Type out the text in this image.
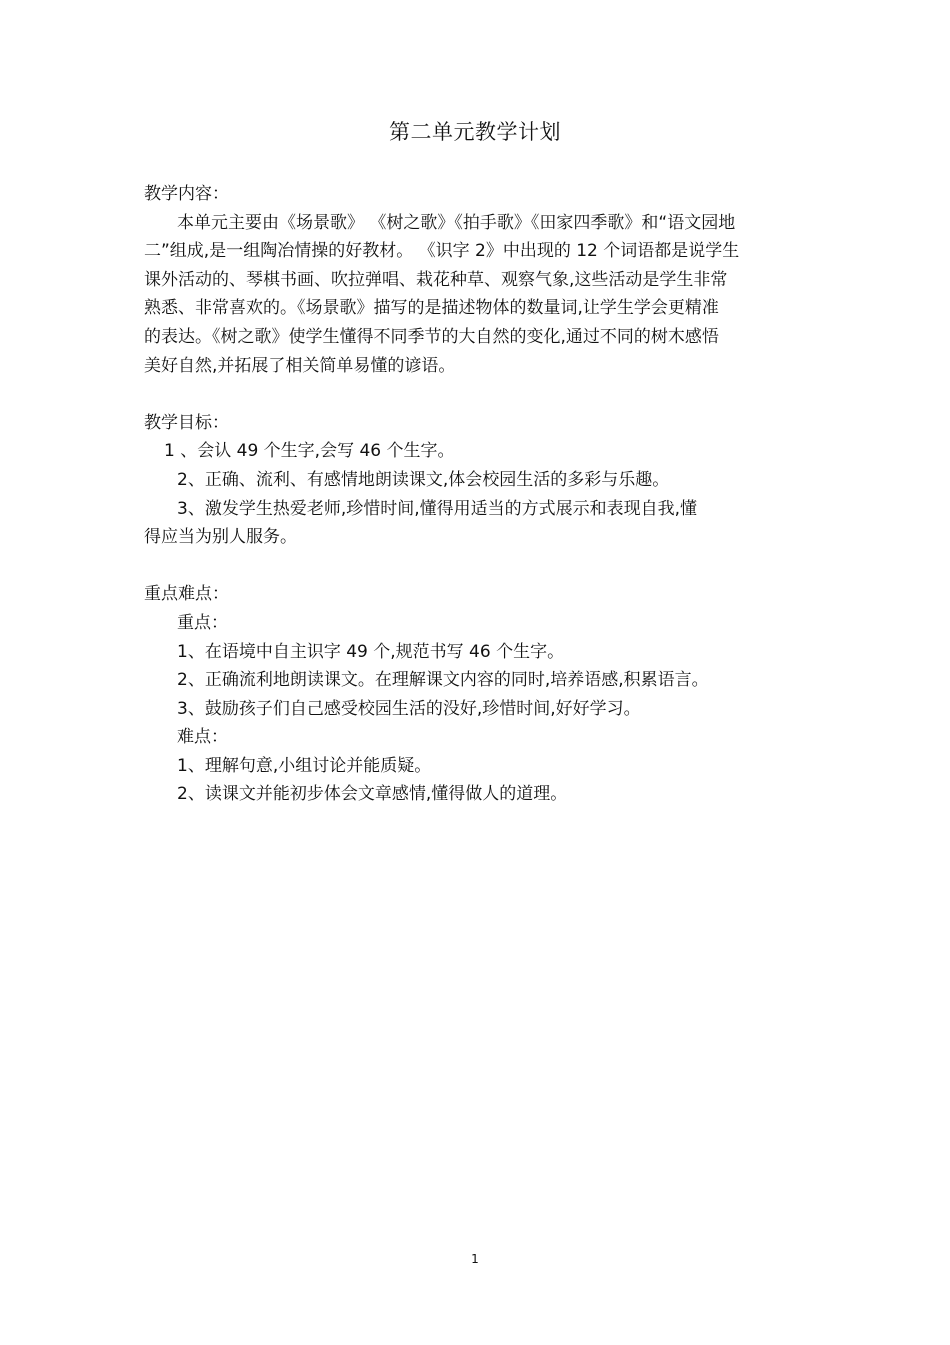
第二单元教学计划
教学内容：
本单元主要由《场景歌》 《树之歌》《拍手歌》《田家四季歌》和“语文园地
二”组成,是一组陶冶情操的好教材。 《识字 2》中出现的 12 个词语都是说学生
课外活动的、琴棋书画、吹拉弹唱、栽花种草、观察气象,这些活动是学生非常
熟悉、非常喜欢的。《场景歌》描写的是描述物体的数量词,让学生学会更精准
的表达。《树之歌》使学生懂得不同季节的大自然的变化,通过不同的树木感悟
美好自然,并拓展了相关简单易懂的谚语。
教学目标：
1 、会认 49 个生字,会写 46 个生字。
2、正确、流利、有感情地朗读课文,体会校园生活的多彩与乐趣。
3、激发学生热爱老师,珍惜时间,懂得用适当的方式展示和表现自我,懂
得应当为别人服务。
重点难点：
重点：
1、在语境中自主识字 49 个,规范书写 46 个生字。
2、正确流利地朗读课文。在理解课文内容的同时,培养语感,积累语言。
3、鼓励孩子们自己感受校园生活的没好,珍惜时间,好好学习。
难点：
1、理解句意,小组讨论并能质疑。
2、读课文并能初步体会文章感情,懂得做人的道理。
1
